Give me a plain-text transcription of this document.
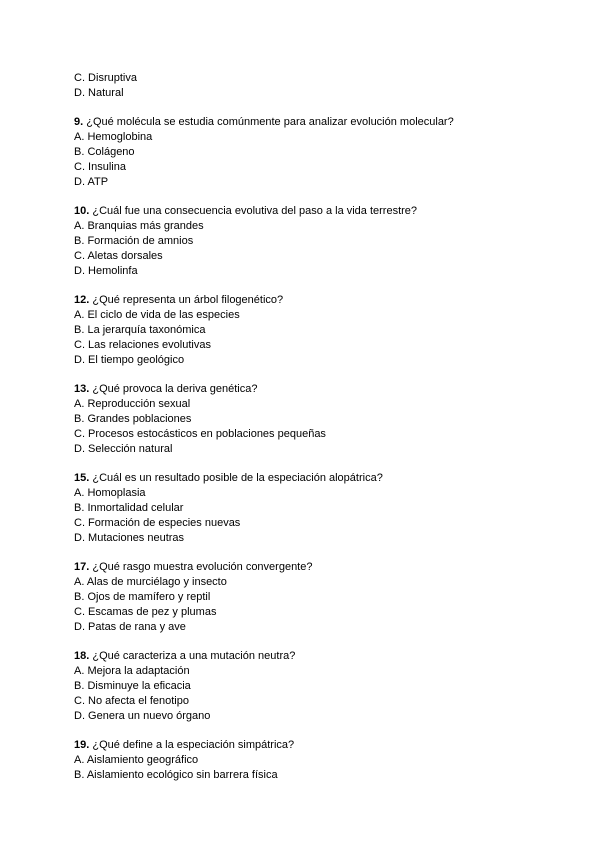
C. Disruptiva

D. Natural

9. ¿Qué molécula se estudia comúnmente para analizar evolución molecular?

A. Hemoglobina

B. Colágeno

C. Insulina

D. ATP

10. ¿Cuál fue una consecuencia evolutiva del paso a la vida terrestre?

A. Branquias más grandes

B. Formación de amnios

C. Aletas dorsales

D. Hemolinfa

12. ¿Qué representa un árbol filogenético?

A. El ciclo de vida de las especies

B. La jerarquía taxonómica

C. Las relaciones evolutivas

D. El tiempo geológico

13. ¿Qué provoca la deriva genética?

A. Reproducción sexual

B. Grandes poblaciones

C. Procesos estocásticos en poblaciones pequeñas

D. Selección natural

15. ¿Cuál es un resultado posible de la especiación alopátrica?

A. Homoplasia

B. Inmortalidad celular

C. Formación de especies nuevas

D. Mutaciones neutras

17. ¿Qué rasgo muestra evolución convergente?

A. Alas de murciélago y insecto

B. Ojos de mamífero y reptil

C. Escamas de pez y plumas

D. Patas de rana y ave

18. ¿Qué caracteriza a una mutación neutra?

A. Mejora la adaptación

B. Disminuye la eficacia

C. No afecta el fenotipo

D. Genera un nuevo órgano

19. ¿Qué define a la especiación simpátrica?

A. Aislamiento geográfico

B. Aislamiento ecológico sin barrera física
